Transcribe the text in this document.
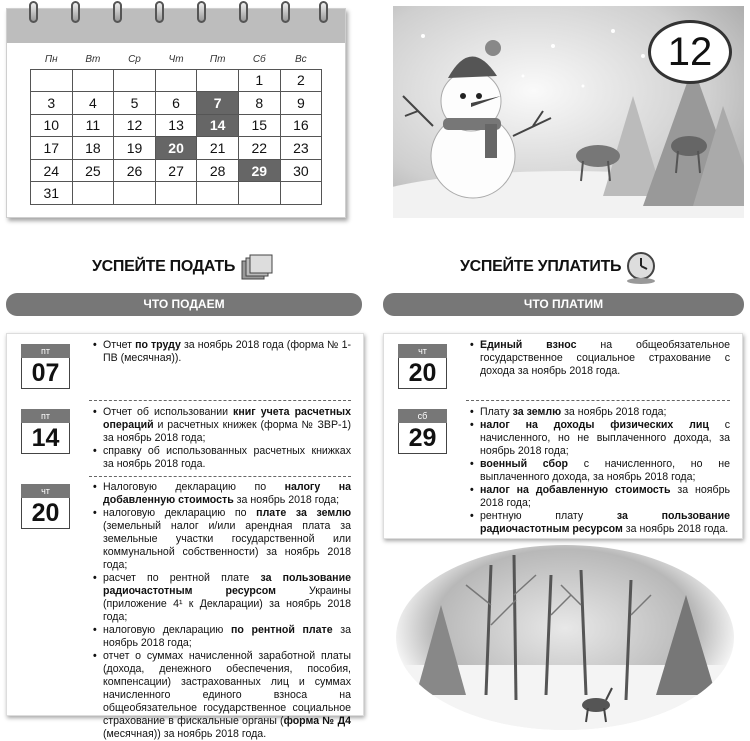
Пн	Вт	Ср	Чт	Пт	Сб	Вс
					1	2
3	4	5	6	7	8	9
10	11	12	13	14	15	16
17	18	19	20	21	22	23
24	25	26	27	28	29	30
31						
12
УСПЕЙТЕ ПОДАТЬ	УСПЕЙТЕ УПЛАТИТЬ
ЧТО ПОДАЕМ	ЧТО ПЛАТИМ
пт
07

• Отчет по труду за ноябрь 2018 года (форма № 1-ПВ (месячная)).

пт
14

• Отчет об использовании книг учета расчетных операций и расчетных книжек (форма № ЗВР-1) за ноябрь 2018 года;

• справку об использованных расчетных книжках за ноябрь 2018 года.

чт
20

• Налоговую декларацию по налогу на добавленную стоимость за ноябрь 2018 года;

• налоговую декларацию по плате за землю (земельный налог и/или арендная плата за земельные участки государственной или коммунальной собственности) за ноябрь 2018 года;

• расчет по рентной плате за пользование радиочастотным ресурсом Украины (приложение 4¹ к Декларации) за ноябрь 2018 года;

• налоговую декларацию по рентной плате за ноябрь 2018 года;

• отчет о суммах начисленной заработной платы (дохода, денежного обеспечения, пособия, компенсации) застрахованных лиц и суммах начисленного единого взноса на общеобязательное государственное социальное страхование в фискальные органы (форма № Д4 (месячная)) за ноябрь 2018 года.

чт
20

• Единый взнос на общеобязательное государственное социальное страхование с дохода за ноябрь 2018 года.

сб
29

• Плату за землю за ноябрь 2018 года;

• налог на доходы физических лиц с начисленного, но не выплаченного дохода, за ноябрь 2018 года;

• военный сбор с начисленного, но не выплаченного дохода, за ноябрь 2018 года;

• налог на добавленную стоимость за ноябрь 2018 года;

• рентную плату за пользование радиочастотным ресурсом за ноябрь 2018 года.
